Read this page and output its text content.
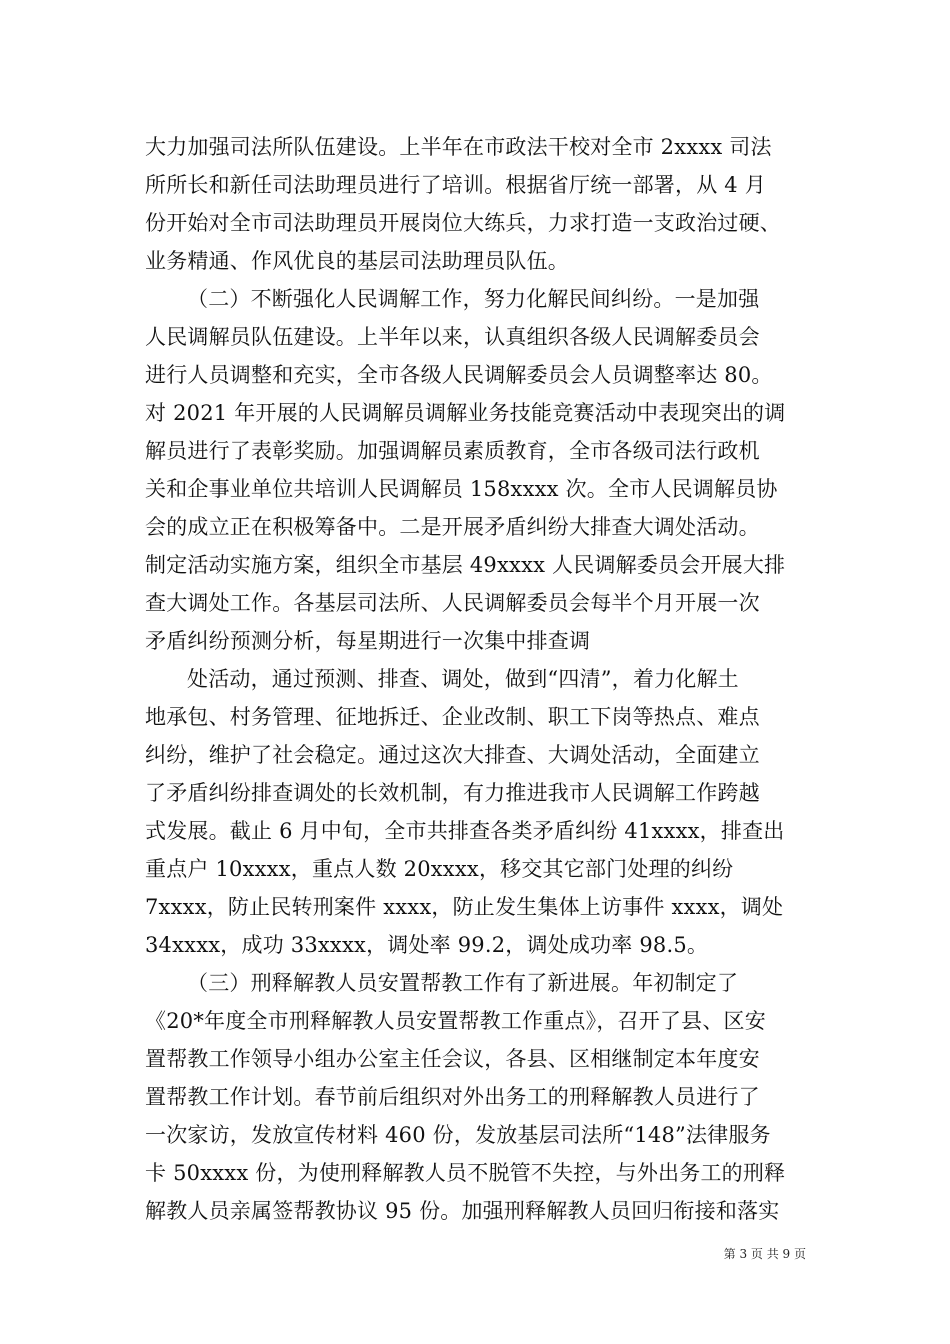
大力加强司法所队伍建设。上半年在市政法干校对全市 2xxxx 司法
所所长和新任司法助理员进行了培训。根据省厅统一部署，从 4 月
份开始对全市司法助理员开展岗位大练兵，力求打造一支政治过硬、
业务精通、作风优良的基层司法助理员队伍。
（二）不断强化人民调解工作，努力化解民间纠纷。一是加强
人民调解员队伍建设。上半年以来，认真组织各级人民调解委员会
进行人员调整和充实，全市各级人民调解委员会人员调整率达 80。
对 2021 年开展的人民调解员调解业务技能竞赛活动中表现突出的调
解员进行了表彰奖励。加强调解员素质教育，全市各级司法行政机
关和企事业单位共培训人民调解员 158xxxx 次。全市人民调解员协
会的成立正在积极筹备中。二是开展矛盾纠纷大排查大调处活动。
制定活动实施方案，组织全市基层 49xxxx 人民调解委员会开展大排
查大调处工作。各基层司法所、人民调解委员会每半个月开展一次
矛盾纠纷预测分析，每星期进行一次集中排查调
处活动，通过预测、排查、调处，做到“四清”，着力化解土
地承包、村务管理、征地拆迁、企业改制、职工下岗等热点、难点
纠纷，维护了社会稳定。通过这次大排查、大调处活动，全面建立
了矛盾纠纷排查调处的长效机制，有力推进我市人民调解工作跨越
式发展。截止 6 月中旬，全市共排查各类矛盾纠纷 41xxxx，排查出
重点户 10xxxx，重点人数 20xxxx，移交其它部门处理的纠纷
7xxxx，防止民转刑案件 xxxx，防止发生集体上访事件 xxxx，调处
34xxxx，成功 33xxxx，调处率 99.2，调处成功率 98.5。
（三）刑释解教人员安置帮教工作有了新进展。年初制定了
《20*年度全市刑释解教人员安置帮教工作重点》，召开了县、区安
置帮教工作领导小组办公室主任会议，各县、区相继制定本年度安
置帮教工作计划。春节前后组织对外出务工的刑释解教人员进行了
一次家访，发放宣传材料 460 份，发放基层司法所“148”法律服务
卡 50xxxx 份，为使刑释解教人员不脱管不失控，与外出务工的刑释
解教人员亲属签帮教协议 95 份。加强刑释解教人员回归衔接和落实
第 3 页 共 9 页
